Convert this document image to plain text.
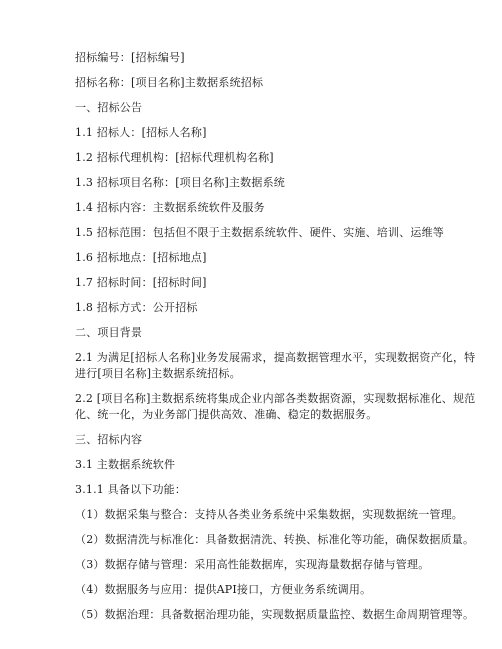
招标编号：[招标编号]
招标名称：[项目名称]主数据系统招标
一、招标公告
1.1 招标人：[招标人名称]
1.2 招标代理机构：[招标代理机构名称]
1.3 招标项目名称：[项目名称]主数据系统
1.4 招标内容：主数据系统软件及服务
1.5 招标范围：包括但不限于主数据系统软件、硬件、实施、培训、运维等
1.6 招标地点：[招标地点]
1.7 招标时间：[招标时间]
1.8 招标方式：公开招标
二、项目背景
2.1 为满足[招标人名称]业务发展需求，提高数据管理水平，实现数据资产化，特
进行[项目名称]主数据系统招标。
2.2 [项目名称]主数据系统将集成企业内部各类数据资源，实现数据标准化、规范
化、统一化，为业务部门提供高效、准确、稳定的数据服务。
三、招标内容
3.1 主数据系统软件
3.1.1 具备以下功能：
（1）数据采集与整合：支持从各类业务系统中采集数据，实现数据统一管理。
（2）数据清洗与标准化：具备数据清洗、转换、标准化等功能，确保数据质量。
（3）数据存储与管理：采用高性能数据库，实现海量数据存储与管理。
（4）数据服务与应用：提供API接口，方便业务系统调用。
（5）数据治理：具备数据治理功能，实现数据质量监控、数据生命周期管理等。
